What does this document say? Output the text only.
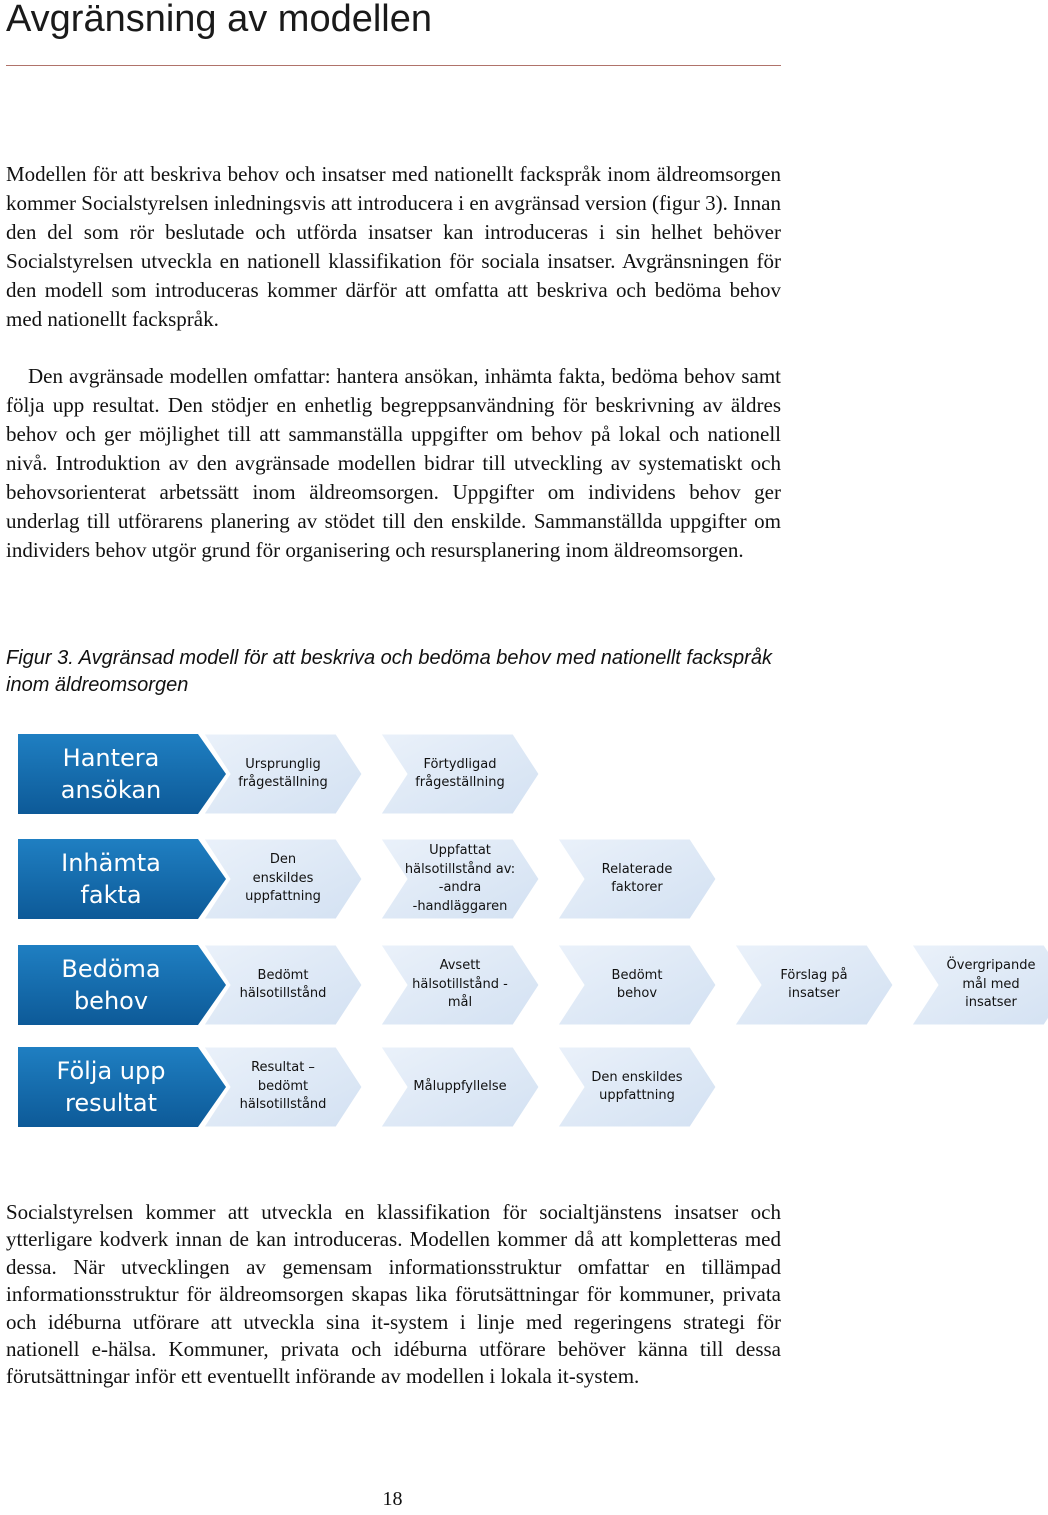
Avgränsning av modellen

Modellen för att beskriva behov och insatser med nationellt fackspråk inom äldreomsorgen kommer Socialstyrelsen inledningsvis att introducera i en avgränsad version (figur 3). Innan den del som rör beslutade och utförda insatser kan introduceras i sin helhet behöver Socialstyrelsen utveckla en nationell klassifikation för sociala insatser. Avgränsningen för den modell som introduceras kommer därför att omfatta att beskriva och bedöma behov med nationellt fackspråk.

Den avgränsade modellen omfattar: hantera ansökan, inhämta fakta, bedöma behov samt följa upp resultat. Den stödjer en enhetlig begreppsanvändning för beskrivning av äldres behov och ger möjlighet till att sammanställa uppgifter om behov på lokal och nationell nivå. Introduktion av den avgränsade modellen bidrar till utveckling av systematiskt och behovsorienterat arbetssätt inom äldreomsorgen. Uppgifter om individens behov ger underlag till utförarens planering av stödet till den enskilde. Sammanställda uppgifter om individers behov utgör grund för organisering och resursplanering inom äldreomsorgen.

Figur 3. Avgränsad modell för att beskriva och bedöma behov med nationellt fackspråk inom äldreomsorgen

Ursprunglig
frågeställning
Förtydligad
frågeställning
Hantera
ansökan
Den
enskildes
uppfattning
Uppfattat
hälsotillstånd av:
-andra
-handläggaren
Relaterade
faktorer
Inhämta
fakta
Bedömt
hälsotillstånd
Avsett
hälsotillstånd -
mål
Bedömt
behov
Förslag på
insatser
Övergripande
mål med
insatser
Bedöma
behov
Resultat –
bedömt
hälsotillstånd
Måluppfyllelse
Den enskildes
uppfattning
Följa upp
resultat

Socialstyrelsen kommer att utveckla en klassifikation för socialtjänstens insatser och ytterligare kodverk innan de kan introduceras. Modellen kommer då att kompletteras med dessa. När utvecklingen av gemensam informationsstruktur omfattar en tillämpad informationsstruktur för äldreomsorgen skapas lika förutsättningar för kommuner, privata och idéburna utförare att utveckla sina it-system i linje med regeringens strategi för nationell e-hälsa. Kommuner, privata och idéburna utförare behöver känna till dessa förutsättningar inför ett eventuellt införande av modellen i lokala it-system.

18
